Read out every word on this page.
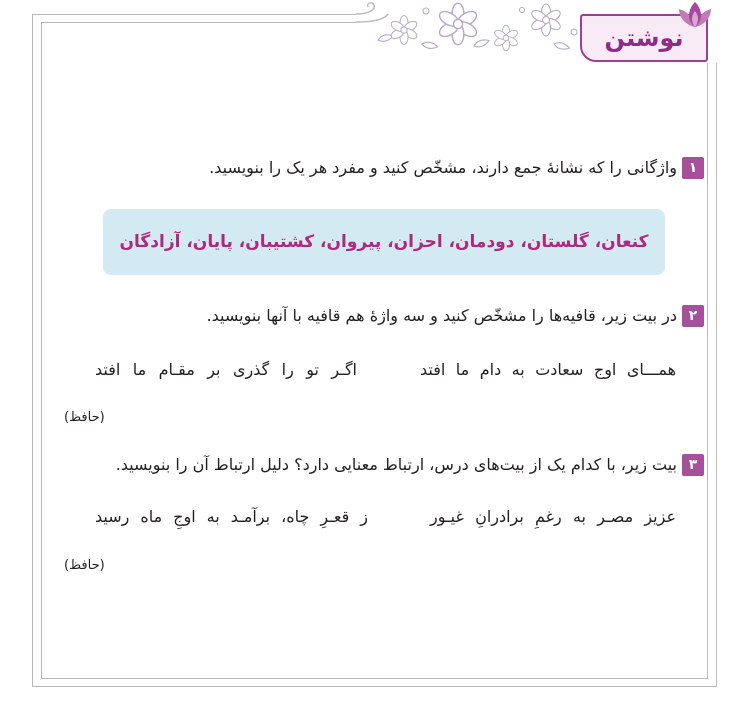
نوشتن
۱
واژگانی را که نشانهٔ جمع دارند، مشخّص کنید و مفرد هر یک را بنویسید.
کنعان، گلستان، دودمان، احزان، پیروان، کشتیبان، پایان، آزادگان
۲
در بیت زیر، قافیه‌ها را مشخّص کنید و سه واژهٔ هم قافیه با آنها بنویسید.
همـــای اوج سعادت به دام ما افتد
اگـر تو را گذری بر مقـام ما افتد
(حافظ)
۳
بیت زیر، با کدام یک از بیت‌های درس، ارتباط معنایی دارد؟ دلیل ارتباط آن را بنویسید.
عزیز مصـر به رغمِ برادرانِ غیـور
ز قعـرِ چاه، برآمـد به اوجِ ماه رسید
(حافظ)
